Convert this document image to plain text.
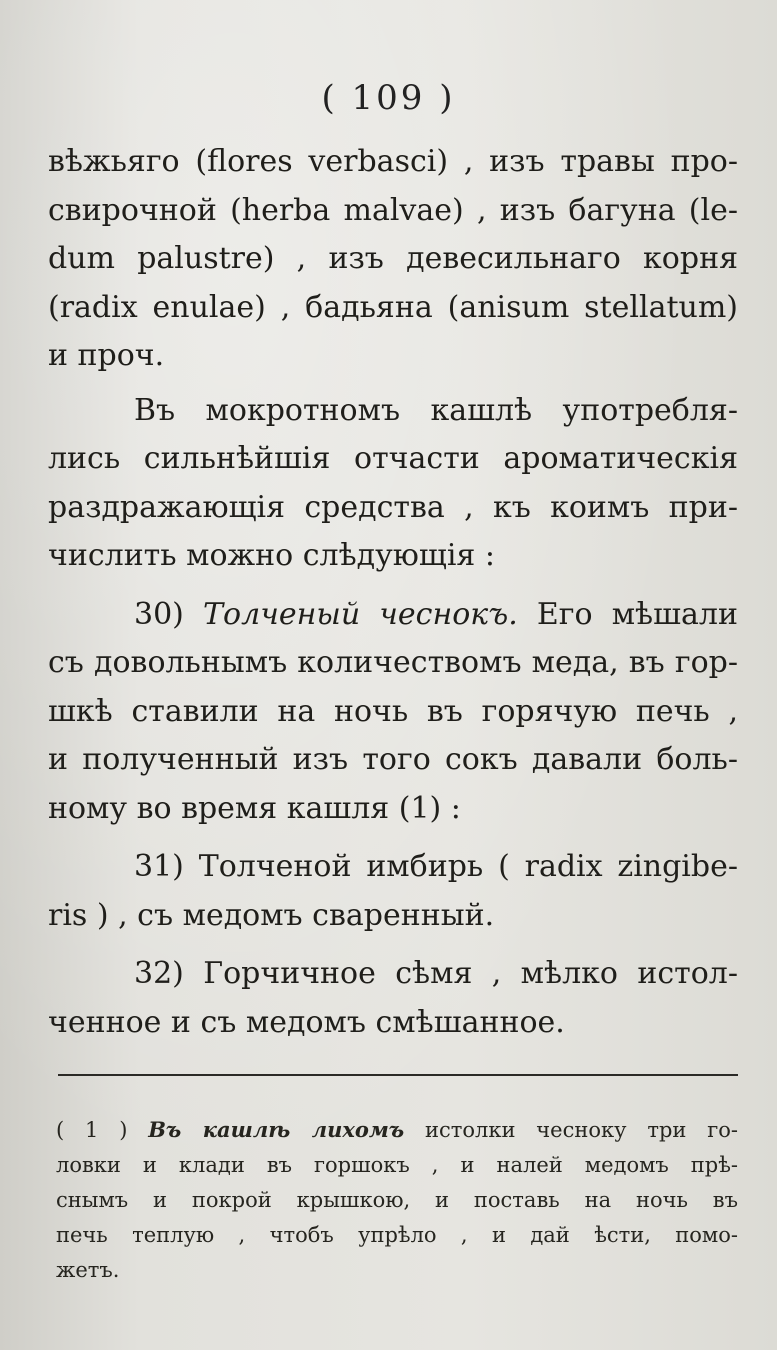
( 109 )
вѣжьяго (flores verbasci) , изъ травы про-
свирочной (herba malvae) , изъ багуна (le-
dum palustre) , изъ девесильнаго корня
(radix enulae) , бадьяна (anisum stellatum)
и проч.
Въ мокротномъ кашлѣ употребля-
лись сильнѣйшія отчасти ароматическія
раздражающія средства , къ коимъ при-
числить можно слѣдующія :
30) Толченый чеснокъ. Его мѣшали
съ довольнымъ количествомъ меда, въ гор-
шкѣ ставили на ночь въ горячую печь ,
и полученный изъ того сокъ давали боль-
ному во время кашля (1) :
31) Толченой имбирь ( radix zingibe-
ris ) , съ медомъ сваренный.
32) Горчичное сѣмя , мѣлко истол-
ченное и съ медомъ смѣшанное.
( 1 ) Въ кашлѣ лихомъ истолки чесноку три го-
ловки и клади въ горшокъ , и налей медомъ прѣ-
снымъ и покрой крышкою, и поставь на ночь въ
печь теплую , чтобъ упрѣло , и дай ѣсти, помо-
жетъ.
